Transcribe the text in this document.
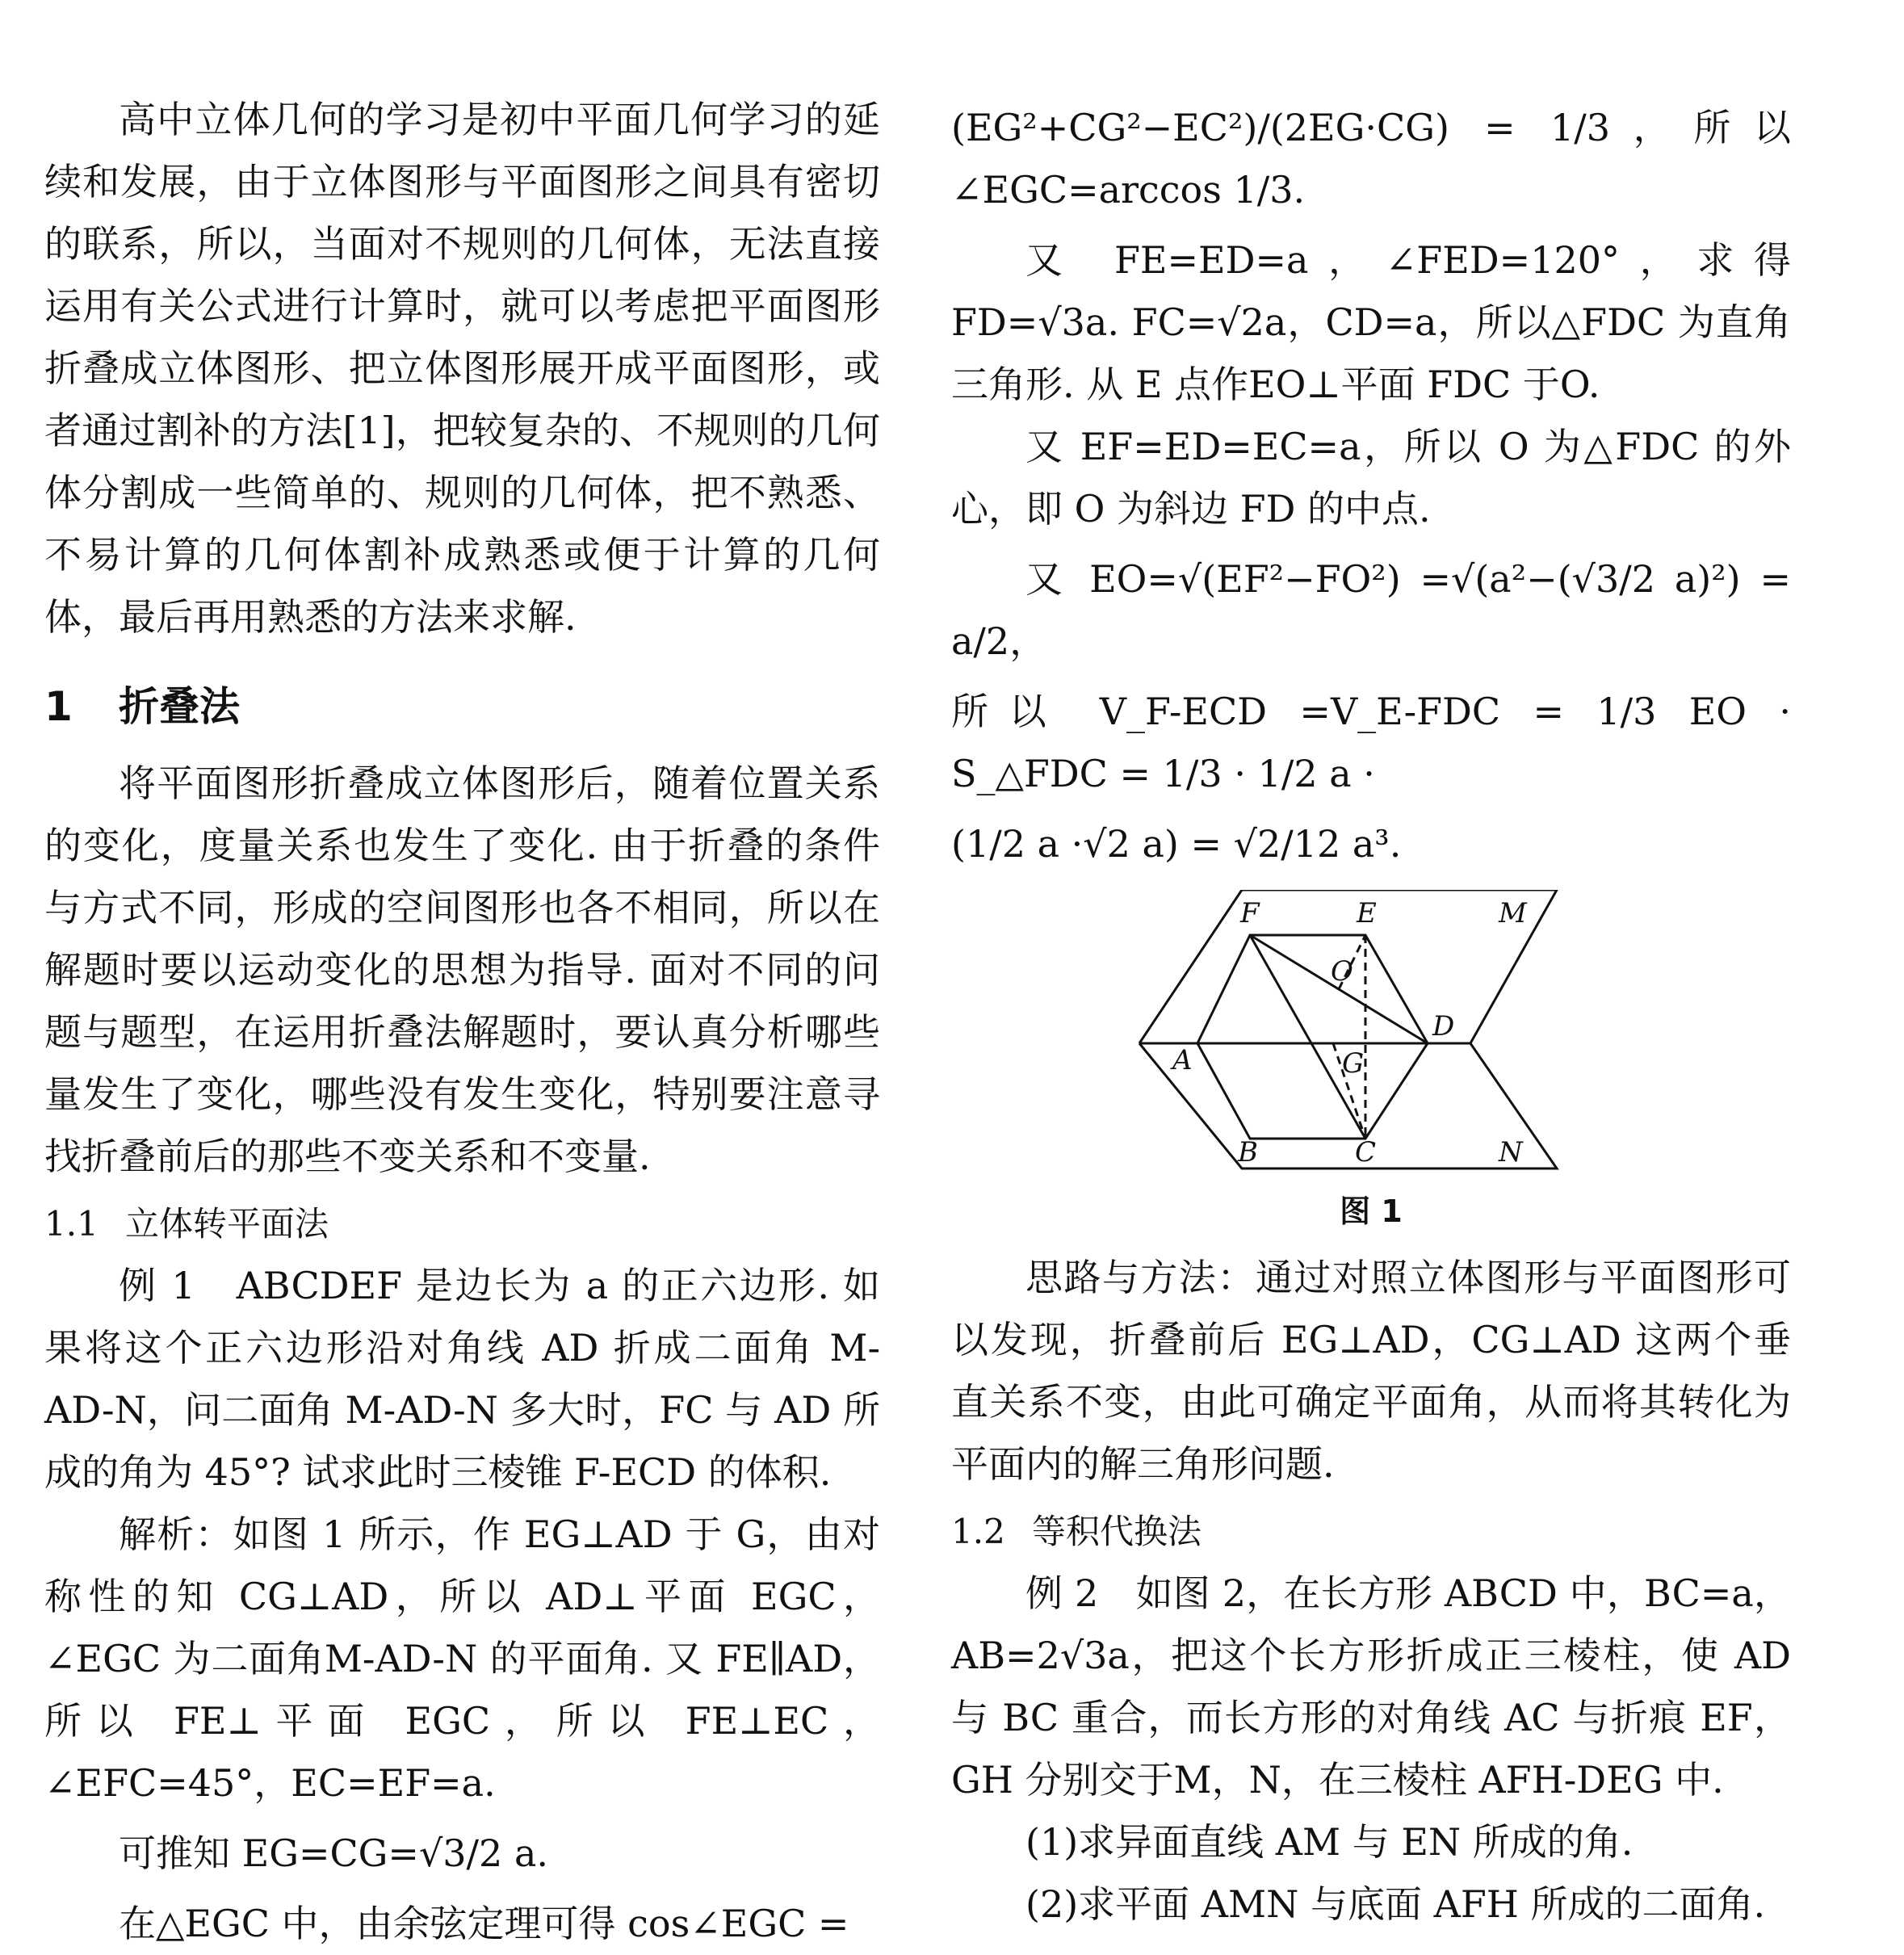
高中立体几何的学习是初中平面几何学习的延续和发展，由于立体图形与平面图形之间具有密切的联系，所以，当面对不规则的几何体，无法直接运用有关公式进行计算时，就可以考虑把平面图形折叠成立体图形、把立体图形展开成平面图形，或者通过割补的方法[1]，把较复杂的、不规则的几何体分割成一些简单的、规则的几何体，把不熟悉、不易计算的几何体割补成熟悉或便于计算的几何体，最后再用熟悉的方法来求解.

1 折叠法

将平面图形折叠成立体图形后，随着位置关系的变化，度量关系也发生了变化. 由于折叠的条件与方式不同，形成的空间图形也各不相同，所以在解题时要以运动变化的思想为指导. 面对不同的问题与题型，在运用折叠法解题时，要认真分析哪些量发生了变化，哪些没有发生变化，特别要注意寻找折叠前后的那些不变关系和不变量.

1.1 立体转平面法

例 1　ABCDEF 是边长为 a 的正六边形. 如果将这个正六边形沿对角线 AD 折成二面角 M-AD-N，问二面角 M-AD-N 多大时，FC 与 AD 所成的角为 45°? 试求此时三棱锥 F-ECD 的体积.

解析：如图 1 所示，作 EG⊥AD 于 G，由对称性的知 CG⊥AD，所以 AD⊥平面 EGC，∠EGC 为二面角M-AD-N 的平面角. 又 FE∥AD，所以 FE⊥平面 EGC，所以 FE⊥EC，∠EFC=45°，EC=EF=a.

可推知 EG=CG=√3/2 a.

在△EGC 中，由余弦定理可得 cos∠EGC =

(EG²+CG²−EC²)/(2EG·CG) = 1/3，所以∠EGC=arccos 1/3.

又 FE=ED=a，∠FED=120°，求得 FD=√3a. FC=√2a，CD=a，所以△FDC 为直角三角形. 从 E 点作EO⊥平面 FDC 于O.

又 EF=ED=EC=a，所以 O 为△FDC 的外心，即 O 为斜边 FD 的中点.

又 EO=√(EF²−FO²) =√(a²−(√3/2 a)²) = a/2，

所以 V_F-ECD =V_E-FDC = 1/3 EO · S_△FDC = 1/3 · 1/2 a ·

(1/2 a ·√2 a) = √2/12 a³.

F	E	M
O
D
A	G
B	C	N
图 1

思路与方法：通过对照立体图形与平面图形可以发现，折叠前后 EG⊥AD，CG⊥AD 这两个垂直关系不变，由此可确定平面角，从而将其转化为平面内的解三角形问题.

1.2 等积代换法

例 2　如图 2，在长方形 ABCD 中，BC=a，AB=2√3a，把这个长方形折成正三棱柱，使 AD 与 BC 重合，而长方形的对角线 AC 与折痕 EF，GH 分别交于M，N，在三棱柱 AFH-DEG 中.

(1)求异面直线 AM 与 EN 所成的角.

(2)求平面 AMN 与底面 AFH 所成的二面角.
